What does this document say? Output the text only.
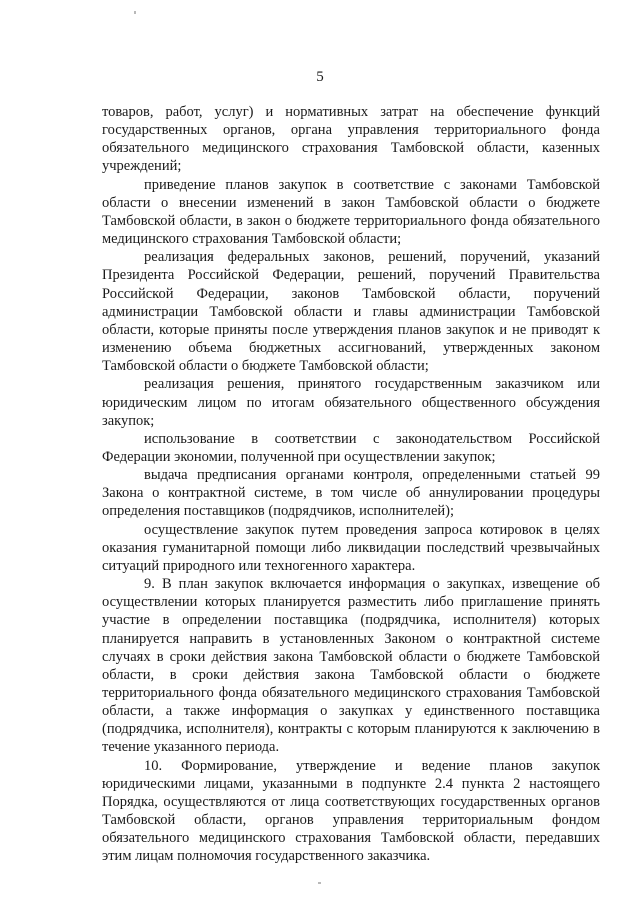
5

товаров, работ, услуг) и нормативных затрат на обеспечение функций государственных органов, органа управления территориального фонда обязательного медицинского страхования Тамбовской области, казенных учреждений;

приведение планов закупок в соответствие с законами Тамбовской области о внесении изменений в закон Тамбовской области о бюджете Тамбовской области, в закон о бюджете территориального фонда обязательного медицинского страхования Тамбовской области;

реализация федеральных законов, решений, поручений, указаний Президента Российской Федерации, решений, поручений Правительства Российской Федерации, законов Тамбовской области, поручений администрации Тамбовской области и главы администрации Тамбовской области, которые приняты после утверждения планов закупок и не приводят к изменению объема бюджетных ассигнований, утвержденных законом Тамбовской области о бюджете Тамбовской области;

реализация решения, принятого государственным заказчиком или юридическим лицом по итогам обязательного общественного обсуждения закупок;

использование в соответствии с законодательством Российской Федерации экономии, полученной при осуществлении закупок;

выдача предписания органами контроля, определенными статьей 99 Закона о контрактной системе, в том числе об аннулировании процедуры определения поставщиков (подрядчиков, исполнителей);

осуществление закупок путем проведения запроса котировок в целях оказания гуманитарной помощи либо ликвидации последствий чрезвычайных ситуаций природного или техногенного характера.

9. В план закупок включается информация о закупках, извещение об осуществлении которых планируется разместить либо приглашение принять участие в определении поставщика (подрядчика, исполнителя) которых планируется направить в установленных Законом о контрактной системе случаях в сроки действия закона Тамбовской области о бюджете Тамбовской области, в сроки действия закона Тамбовской области о бюджете территориального фонда обязательного медицинского страхования Тамбовской области, а также информация о закупках у единственного поставщика (подрядчика, исполнителя), контракты с которым планируются к заключению в течение указанного периода.

10. Формирование, утверждение и ведение планов закупок юридическими лицами, указанными в подпункте 2.4 пункта 2 настоящего Порядка, осуществляются от лица соответствующих государственных органов Тамбовской области, органов управления территориальным фондом обязательного медицинского страхования Тамбовской области, передавших этим лицам полномочия государственного заказчика.
